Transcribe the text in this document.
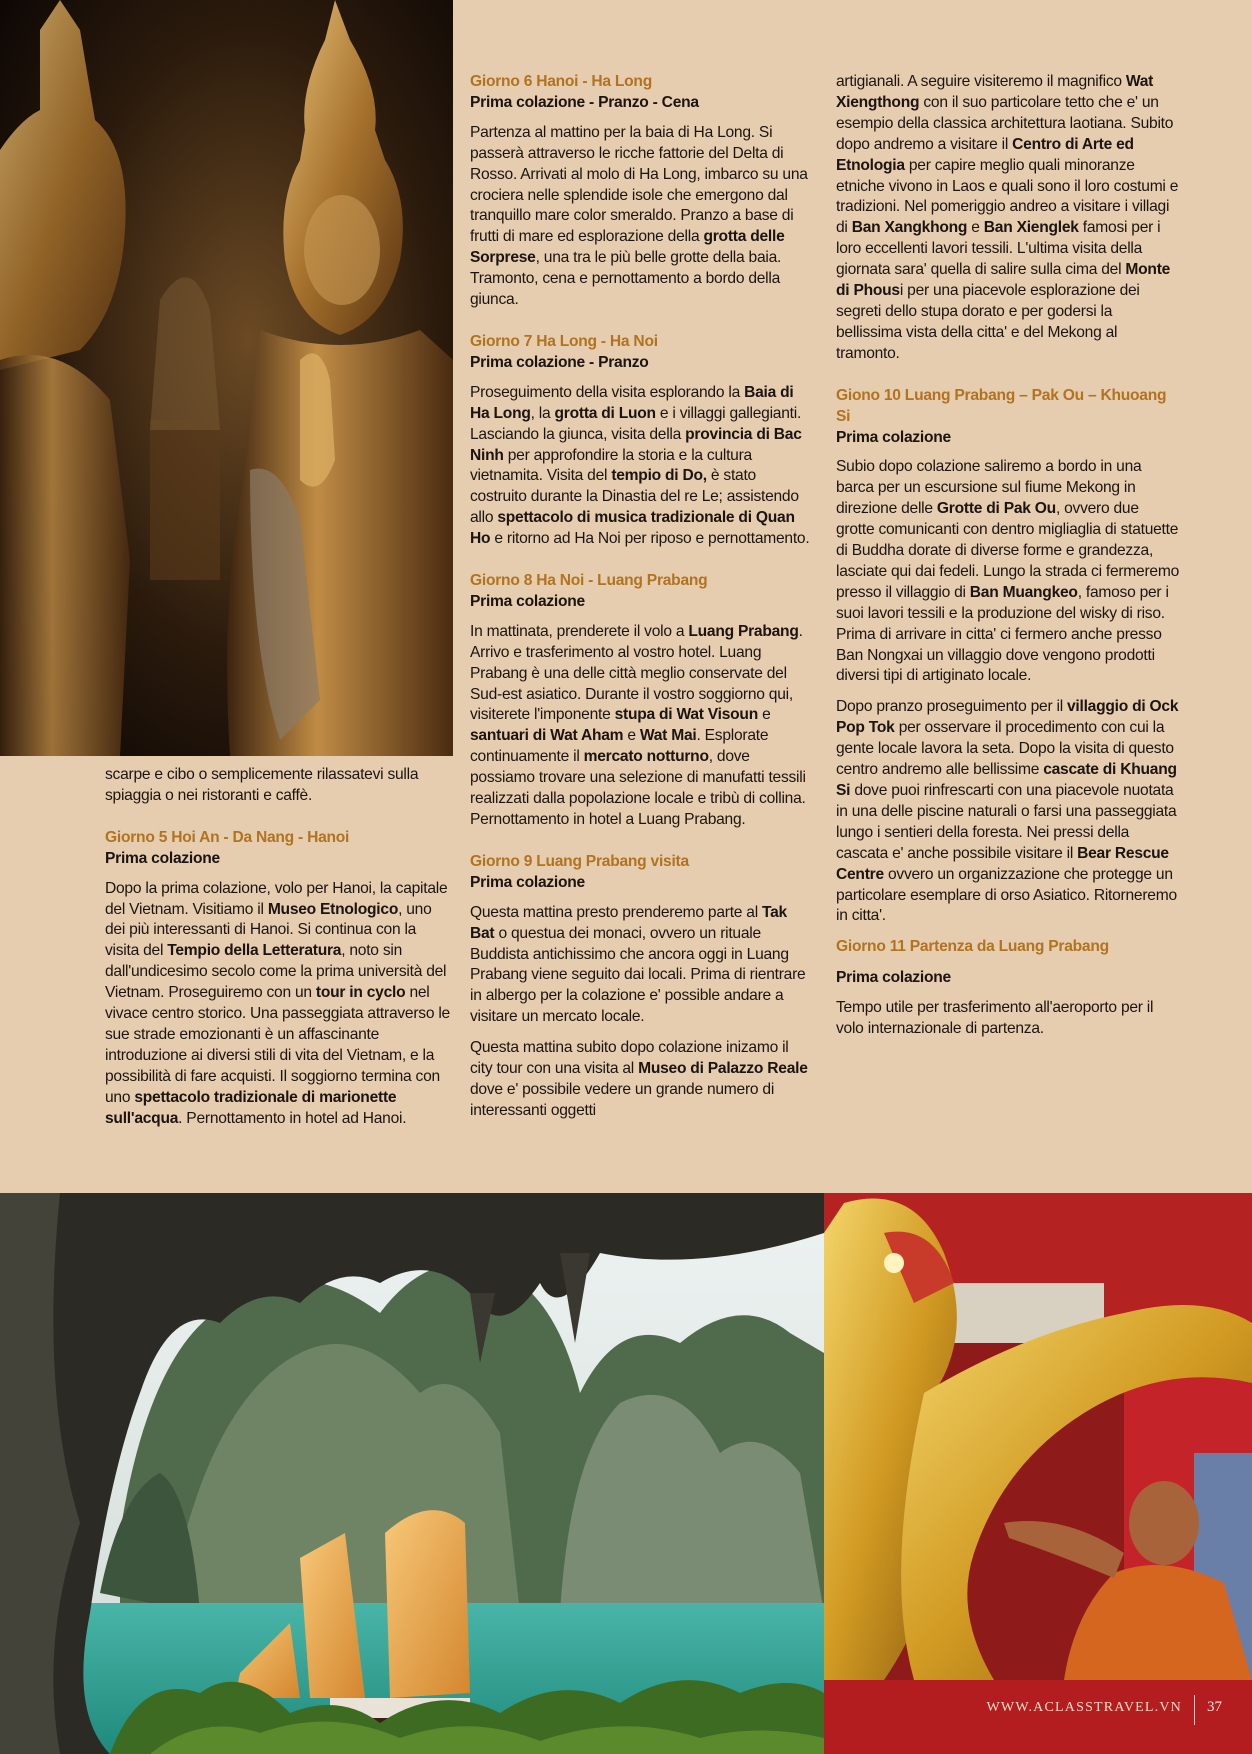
scarpe e cibo o semplicemente rilassatevi sulla spiaggia o nei ristoranti e caffè.

Giorno 5 Hoi An - Da Nang - Hanoi
Prima colazione

Dopo la prima colazione, volo per Hanoi, la capitale del Vietnam. Visitiamo il Museo Etnologico, uno dei più interessanti di Hanoi. Si continua con la visita del Tempio della Letteratura, noto sin dall'undicesimo secolo come la prima università del Vietnam. Proseguiremo con un tour in cyclo nel vivace centro storico. Una passeggiata attraverso le sue strade emozionanti è un affascinante introduzione ai diversi stili di vita del Vietnam, e la possibilità di fare acquisti. Il soggiorno termina con uno spettacolo tradizionale di marionette sull'acqua. Pernottamento in hotel ad Hanoi.

Giorno 6 Hanoi - Ha Long
Prima colazione - Pranzo - Cena

Partenza al mattino per la baia di Ha Long. Si passerà attraverso le ricche fattorie del Delta di Rosso. Arrivati al molo di Ha Long, imbarco su una crociera nelle splendide isole che emergono dal tranquillo mare color smeraldo. Pranzo a base di frutti di mare ed esplorazione della grotta delle Sorprese, una tra le più belle grotte della baia. Tramonto, cena e pernottamento a bordo della giunca.

Giorno 7 Ha Long - Ha Noi
Prima colazione - Pranzo

Proseguimento della visita esplorando la Baia di Ha Long, la grotta di Luon e i villaggi gallegianti. Lasciando la giunca, visita della provincia di Bac Ninh per approfondire la storia e la cultura vietnamita. Visita del tempio di Do, è stato costruito durante la Dinastia del re Le; assistendo allo spettacolo di musica tradizionale di Quan Ho e ritorno ad Ha Noi per riposo e pernottamento.

Giorno 8 Ha Noi - Luang Prabang
Prima colazione

In mattinata, prenderete il volo a Luang Prabang. Arrivo e trasferimento al vostro hotel. Luang Prabang è una delle città meglio conservate del Sud-est asiatico. Durante il vostro soggiorno qui, visiterete l'imponente stupa di Wat Visoun e santuari di Wat Aham e Wat Mai. Esplorate continuamente il mercato notturno, dove possiamo trovare una selezione di manufatti tessili realizzati dalla popolazione locale e tribù di collina. Pernottamento in hotel a Luang Prabang.

Giorno 9 Luang Prabang visita
Prima colazione

Questa mattina presto prenderemo parte al Tak Bat o questua dei monaci, ovvero un rituale Buddista antichissimo che ancora oggi in Luang Prabang viene seguito dai locali. Prima di rientrare in albergo per la colazione e' possible andare a visitare un mercato locale.

Questa mattina subito dopo colazione inizamo il city tour con una visita al Museo di Palazzo Reale dove e' possibile vedere un grande numero di interessanti oggetti

artigianali. A seguire visiteremo il magnifico Wat Xiengthong con il suo particolare tetto che e' un esempio della classica architettura laotiana. Subito dopo andremo a visitare il Centro di Arte ed Etnologia per capire meglio quali minoranze etniche vivono in Laos e quali sono il loro costumi e tradizioni. Nel pomeriggio andreo a visitare i villagi di Ban Xangkhong e Ban Xienglek famosi per i loro eccellenti lavori tessili. L'ultima visita della giornata sara' quella di salire sulla cima del Monte di Phousi per una piacevole esplorazione dei segreti dello stupa dorato e per godersi la bellissima vista della citta' e del Mekong al tramonto.

Giono 10 Luang Prabang – Pak Ou – Khuoang Si
Prima colazione

Subio dopo colazione saliremo a bordo in una barca per un escursione sul fiume Mekong in direzione delle Grotte di Pak Ou, ovvero due grotte comunicanti con dentro migliaglia di statuette di Buddha dorate di diverse forme e grandezza, lasciate qui dai fedeli. Lungo la strada ci fermeremo presso il villaggio di Ban Muangkeo, famoso per i suoi lavori tessili e la produzione del wisky di riso. Prima di arrivare in citta' ci fermero anche presso Ban Nongxai un villaggio dove vengono prodotti diversi tipi di artiginato locale.

Dopo pranzo proseguimento per il villaggio di Ock Pop Tok per osservare il procedimento con cui la gente locale lavora la seta. Dopo la visita di questo centro andremo alle bellissime cascate di Khuang Si dove puoi rinfrescarti con una piacevole nuotata in una delle piscine naturali o farsi una passeggiata lungo i sentieri della foresta. Nei pressi della cascata e' anche possibile visitare il Bear Rescue Centre ovvero un organizzazione che protegge un particolare esemplare di orso Asiatico. Ritorneremo in citta'.

Giorno 11 Partenza da Luang Prabang
Prima colazione

Tempo utile per trasferimento all'aeroporto per il volo internazionale di partenza.

WWW.ACLASSTRAVEL.VN 37
